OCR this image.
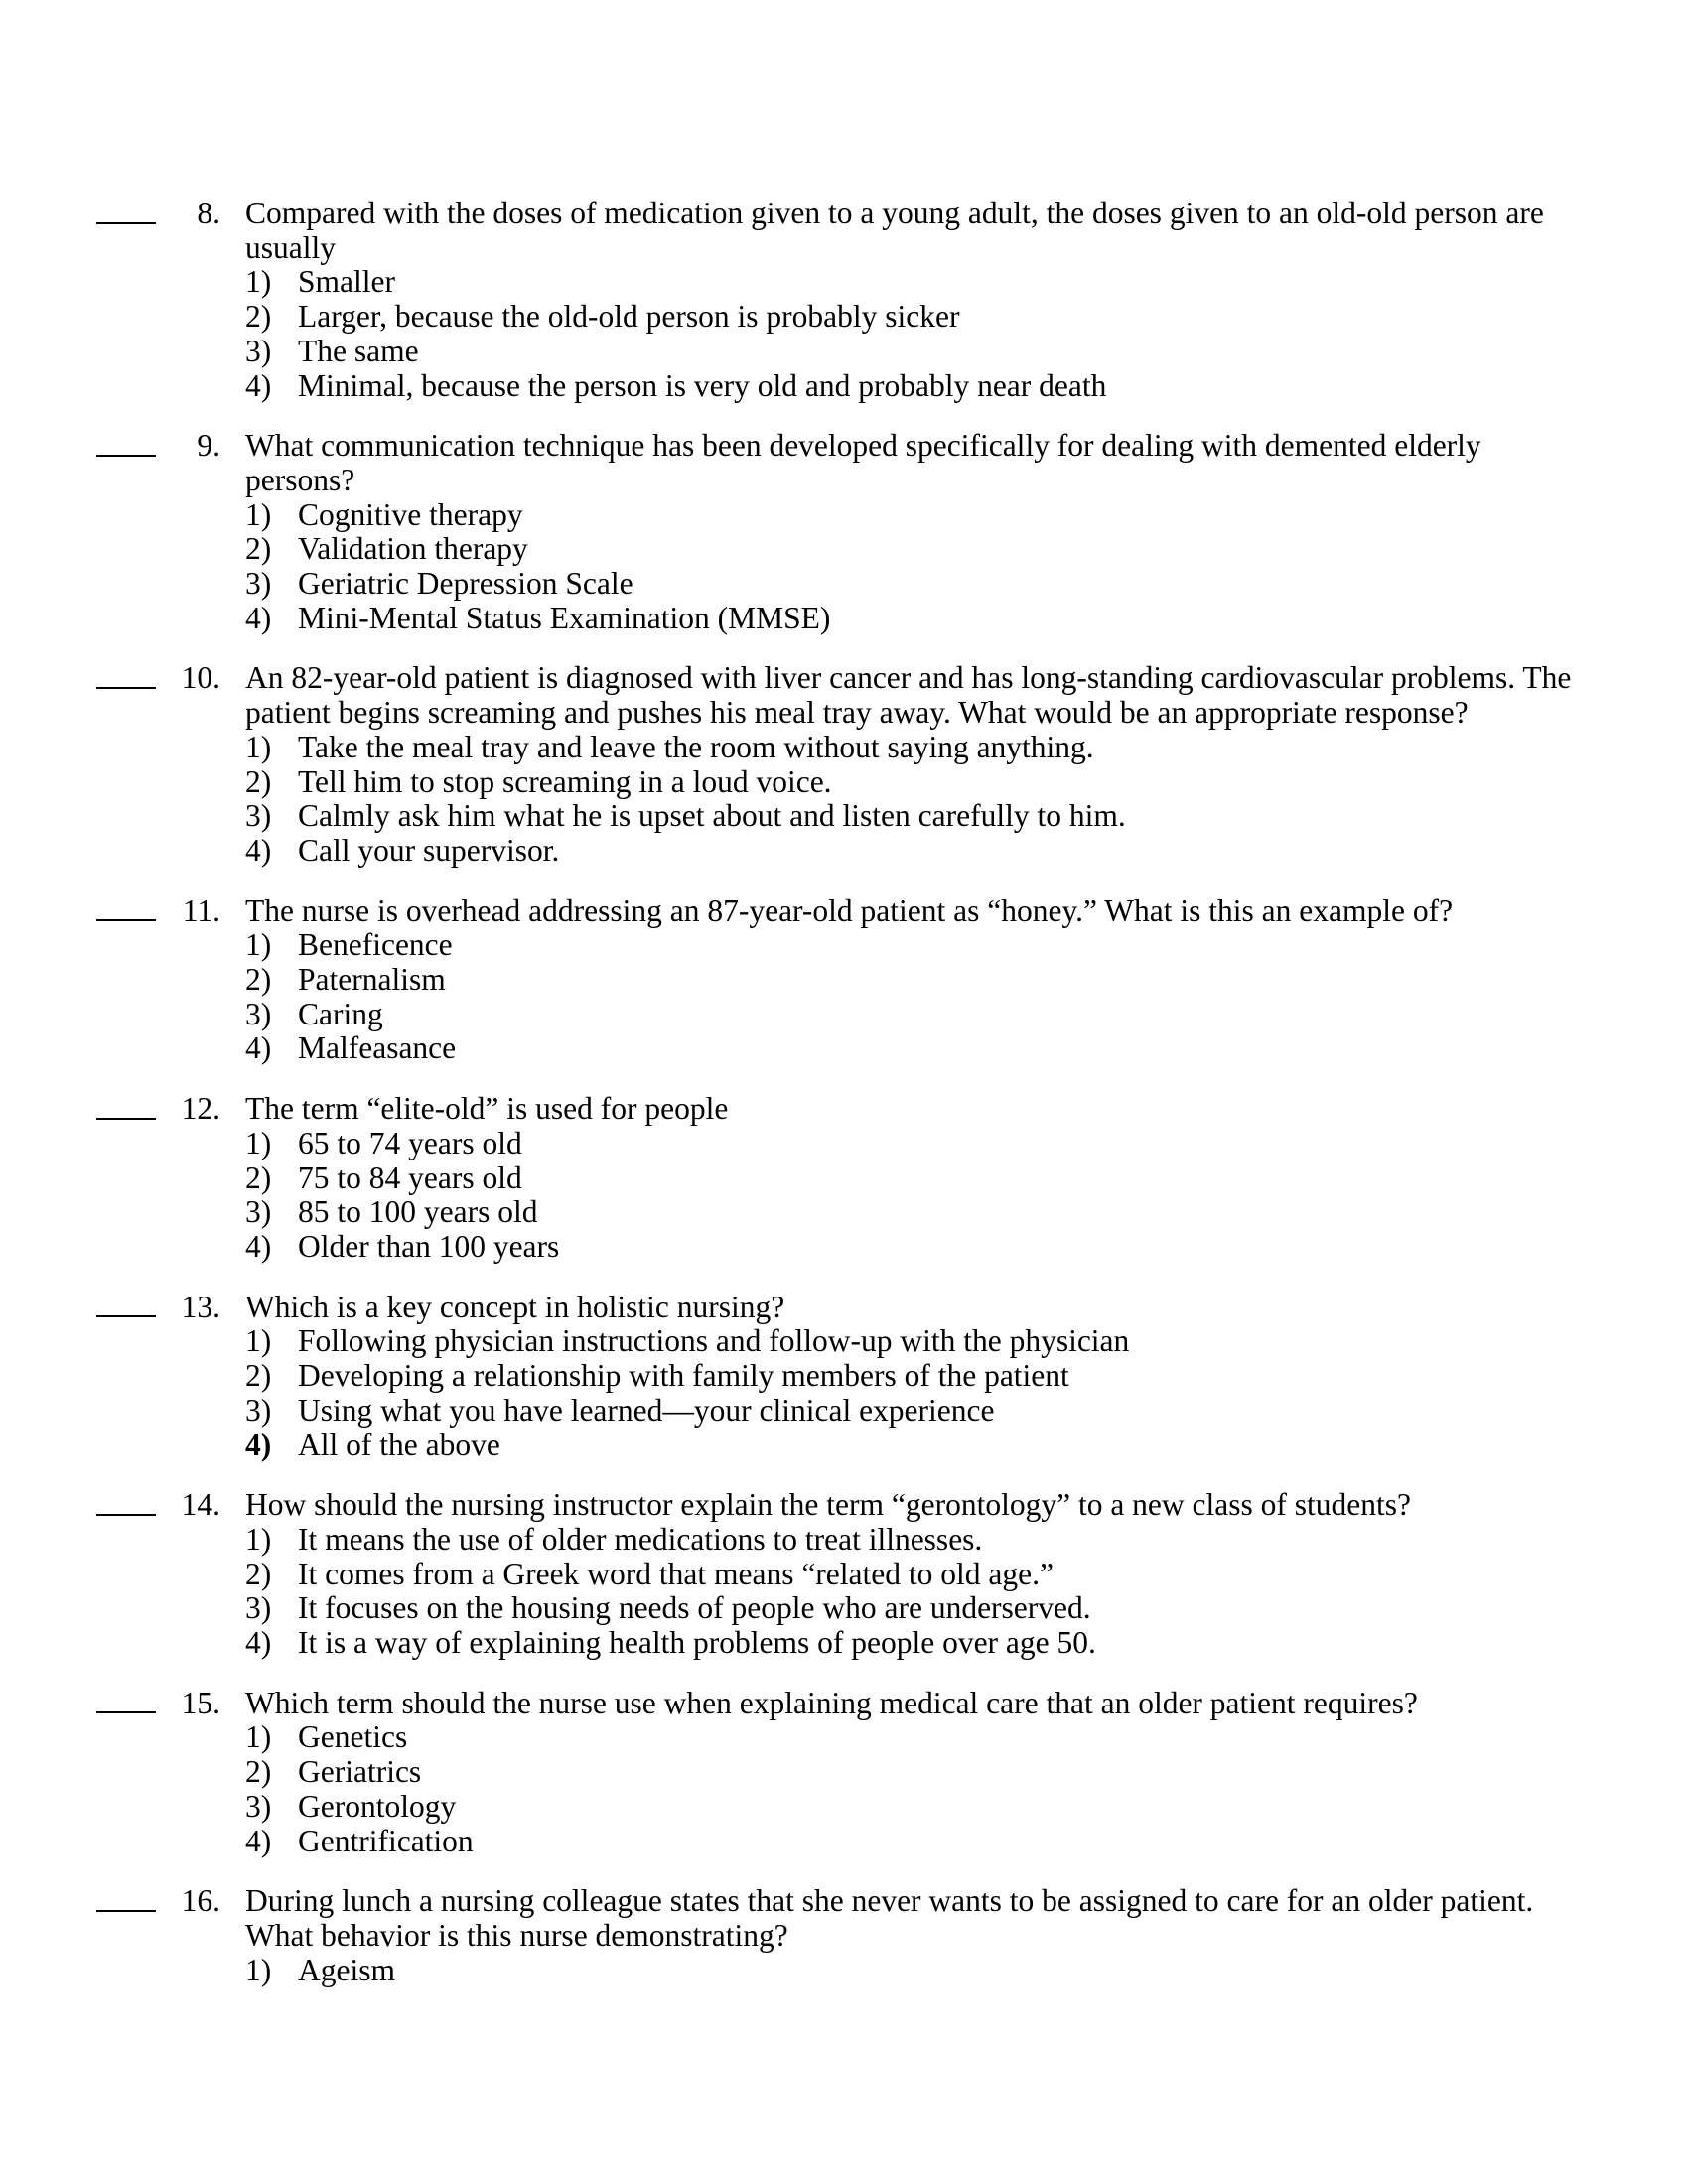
8. Compared with the doses of medication given to a young adult, the doses given to an old-old person are usually
1) Smaller
2) Larger, because the old-old person is probably sicker
3) The same
4) Minimal, because the person is very old and probably near death
9. What communication technique has been developed specifically for dealing with demented elderly persons?
1) Cognitive therapy
2) Validation therapy
3) Geriatric Depression Scale
4) Mini-Mental Status Examination (MMSE)
10. An 82-year-old patient is diagnosed with liver cancer and has long-standing cardiovascular problems. The patient begins screaming and pushes his meal tray away. What would be an appropriate response?
1) Take the meal tray and leave the room without saying anything.
2) Tell him to stop screaming in a loud voice.
3) Calmly ask him what he is upset about and listen carefully to him.
4) Call your supervisor.
11. The nurse is overhead addressing an 87-year-old patient as “honey.” What is this an example of?
1) Beneficence
2) Paternalism
3) Caring
4) Malfeasance
12. The term “elite-old” is used for people
1) 65 to 74 years old
2) 75 to 84 years old
3) 85 to 100 years old
4) Older than 100 years
13. Which is a key concept in holistic nursing?
1) Following physician instructions and follow-up with the physician
2) Developing a relationship with family members of the patient
3) Using what you have learned—your clinical experience
4) All of the above
14. How should the nursing instructor explain the term “gerontology” to a new class of students?
1) It means the use of older medications to treat illnesses.
2) It comes from a Greek word that means “related to old age.”
3) It focuses on the housing needs of people who are underserved.
4) It is a way of explaining health problems of people over age 50.
15. Which term should the nurse use when explaining medical care that an older patient requires?
1) Genetics
2) Geriatrics
3) Gerontology
4) Gentrification
16. During lunch a nursing colleague states that she never wants to be assigned to care for an older patient. What behavior is this nurse demonstrating?
1) Ageism
